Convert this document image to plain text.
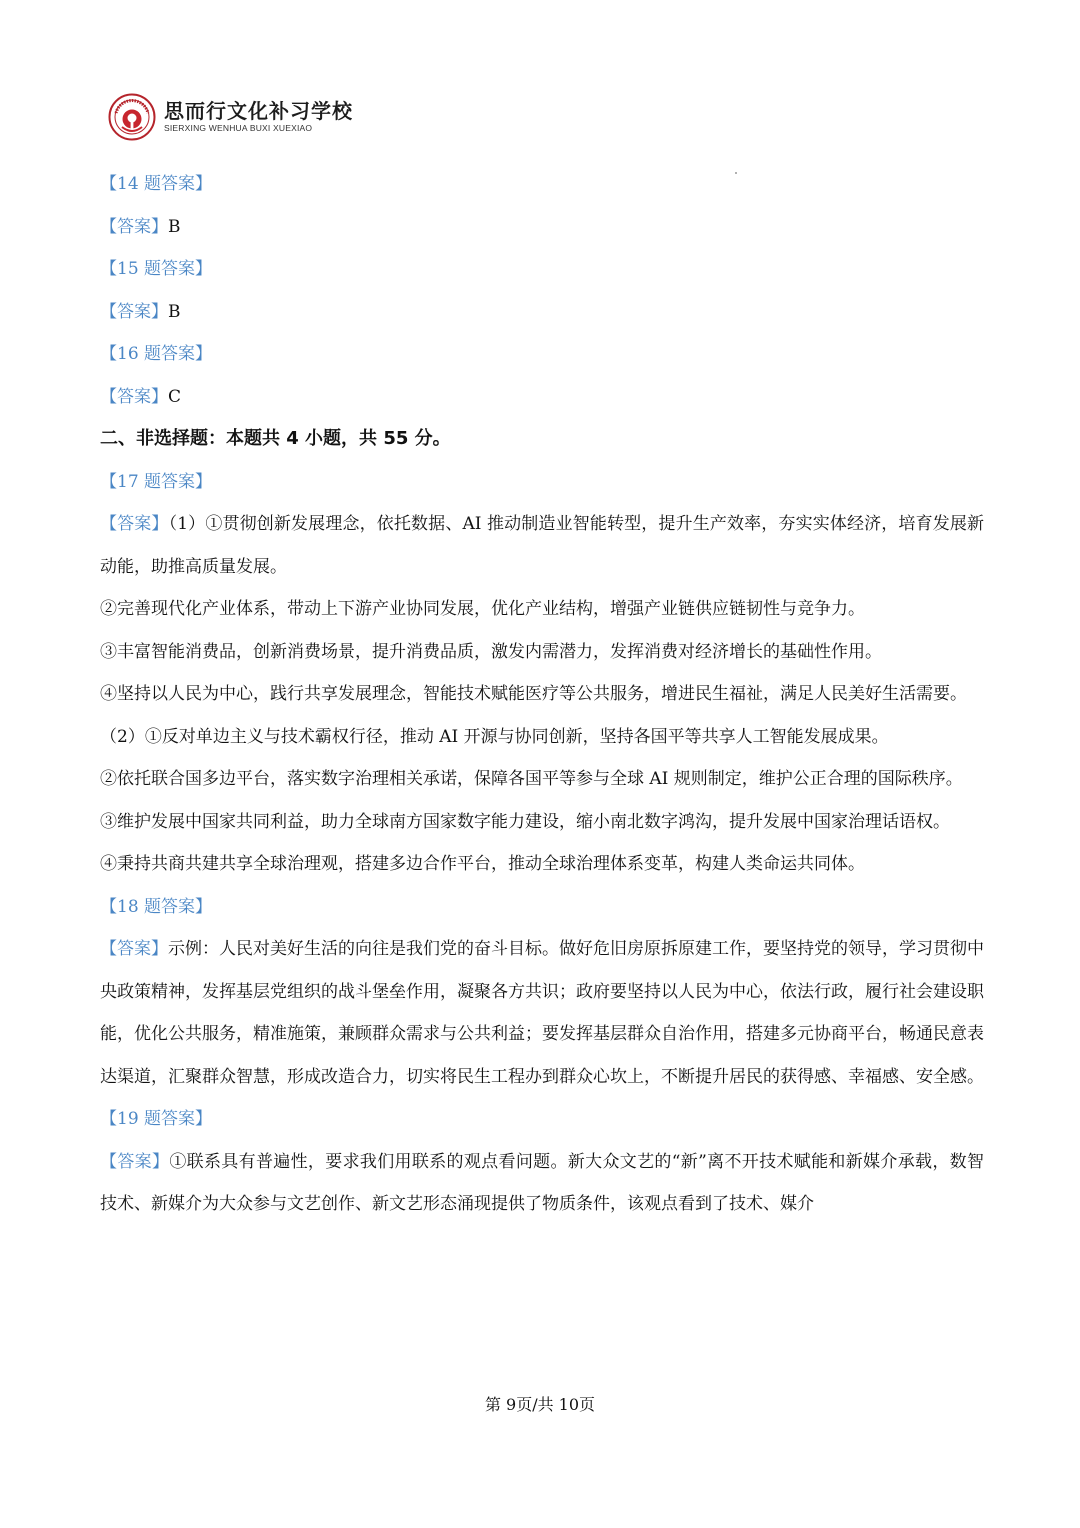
思而行文化补习学校
SIERXING WENHUA BUXI XUEXIAO
【14 题答案】
【答案】B
【15 题答案】
【答案】B
【16 题答案】
【答案】C
二、非选择题：本题共 4 小题，共 55 分。
【17 题答案】
【答案】（1）①贯彻创新发展理念，依托数据、AI 推动制造业智能转型，提升生产效率，夯实实体经济，培育发展新动能，助推高质量发展。
②完善现代化产业体系，带动上下游产业协同发展，优化产业结构，增强产业链供应链韧性与竞争力。
③丰富智能消费品，创新消费场景，提升消费品质，激发内需潜力，发挥消费对经济增长的基础性作用。
④坚持以人民为中心，践行共享发展理念，智能技术赋能医疗等公共服务，增进民生福祉，满足人民美好生活需要。
（2）①反对单边主义与技术霸权行径，推动 AI 开源与协同创新，坚持各国平等共享人工智能发展成果。
②依托联合国多边平台，落实数字治理相关承诺，保障各国平等参与全球 AI 规则制定，维护公正合理的国际秩序。
③维护发展中国家共同利益，助力全球南方国家数字能力建设，缩小南北数字鸿沟，提升发展中国家治理话语权。
④秉持共商共建共享全球治理观，搭建多边合作平台，推动全球治理体系变革，构建人类命运共同体。
【18 题答案】
【答案】示例：人民对美好生活的向往是我们党的奋斗目标。做好危旧房原拆原建工作，要坚持党的领导，学习贯彻中央政策精神，发挥基层党组织的战斗堡垒作用，凝聚各方共识；政府要坚持以人民为中心，依法行政，履行社会建设职能，优化公共服务，精准施策，兼顾群众需求与公共利益；要发挥基层群众自治作用，搭建多元协商平台，畅通民意表达渠道，汇聚群众智慧，形成改造合力，切实将民生工程办到群众心坎上，不断提升居民的获得感、幸福感、安全感。
【19 题答案】
【答案】①联系具有普遍性，要求我们用联系的观点看问题。新大众文艺的“新”离不开技术赋能和新媒介承载，数智技术、新媒介为大众参与文艺创作、新文艺形态涌现提供了物质条件，该观点看到了技术、媒介
第 9页/共 10页
